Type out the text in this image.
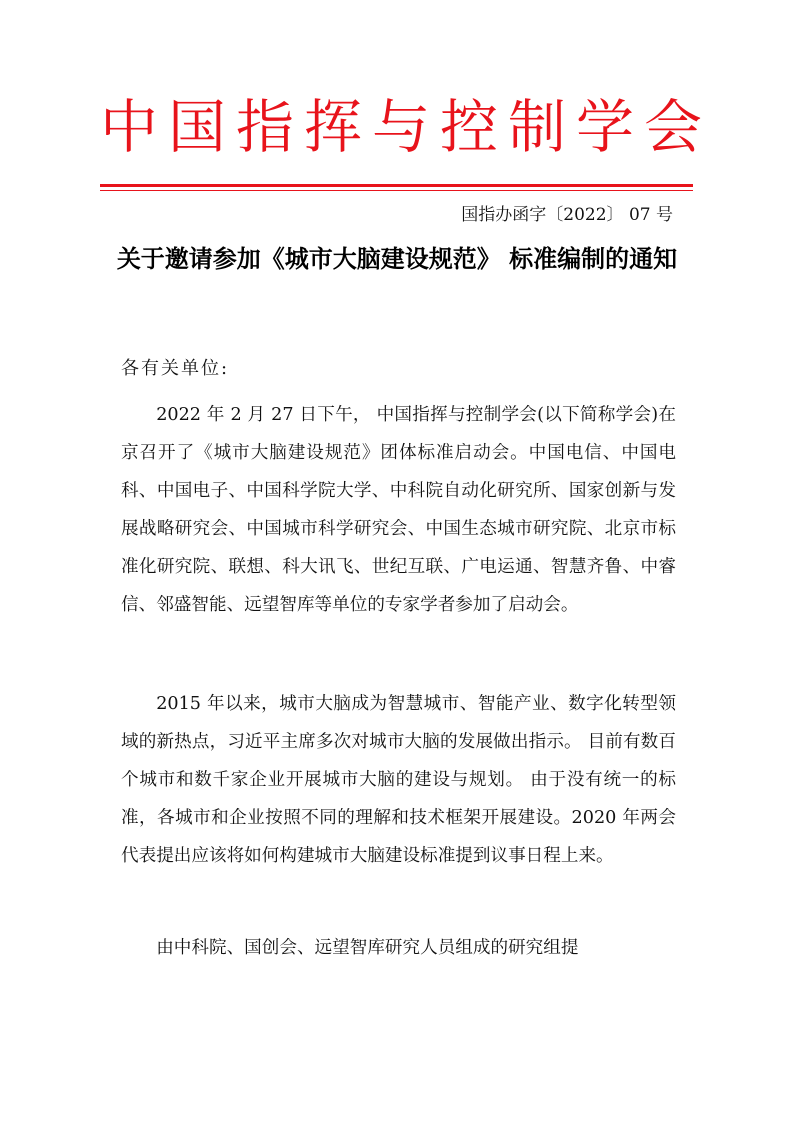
中国指挥与控制学会
国指办函字〔2022〕 07 号
关于邀请参加《城市大脑建设规范》 标准编制的通知
各有关单位:

2022 年 2 月 27 日下午， 中国指挥与控制学会(以下简称学会)在京召开了《城市大脑建设规范》团体标准启动会。中国电信、中国电科、中国电子、中国科学院大学、中科院自动化研究所、国家创新与发展战略研究会、中国城市科学研究会、中国生态城市研究院、北京市标准化研究院、联想、科大讯飞、世纪互联、广电运通、智慧齐鲁、中睿信、邻盛智能、远望智库等单位的专家学者参加了启动会。

2015 年以来，城市大脑成为智慧城市、智能产业、数字化转型领域的新热点，习近平主席多次对城市大脑的发展做出指示。 目前有数百个城市和数千家企业开展城市大脑的建设与规划。 由于没有统一的标准，各城市和企业按照不同的理解和技术框架开展建设。2020 年两会代表提出应该将如何构建城市大脑建设标准提到议事日程上来。

由中科院、国创会、远望智库研究人员组成的研究组提
